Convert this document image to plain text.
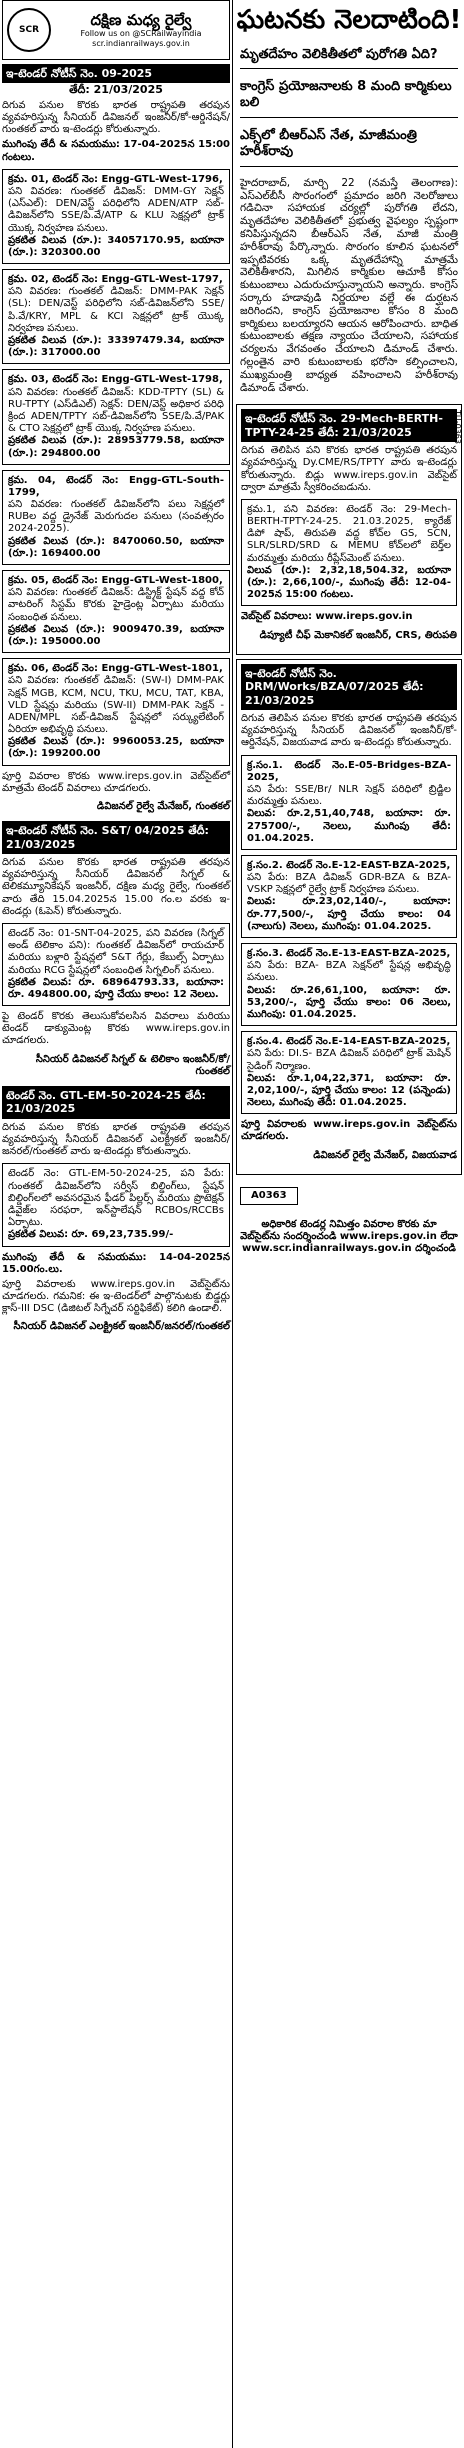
SCR
దక్షిణ మధ్య రైల్వే
Follow us on @SCRailwayindia
scr.indianrailways.gov.in
ఇ-టెండర్ నోటీస్ నెం. 09-2025
తేదీ: 21/03/2025

దిగువ పనుల కొరకు భారత రాష్ట్రపతి తరపున వ్యవహరిస్తున్న సీనియర్ డివిజనల్ ఇంజనీర్/కో-ఆర్డినేషన్/గుంతకల్ వారు ఇ-టెండర్లు కోరుతున్నారు.

ముగింపు తేదీ & సమయము: 17-04-2025న 15:00 గంటలు.

క్రమ. 01, టెండర్ నెం: Engg-GTL-West-1796,

పని వివరణ: గుంతకల్ డివిజన్: DMM-GY సెక్షన్ (ఎస్ఎల్): DEN/వెస్ట్ పరిధిలోని ADEN/ATP సబ్-డివిజన్‌లోని SSE/పి.వే/ATP & KLU సెక్షన్లలో ట్రాక్ యొక్క నిర్వహణ పనులు.

ప్రకటిత విలువ (రూ.): 34057170.95, బయానా (రూ.): 320300.00

క్రమ. 02, టెండర్ నెం: Engg-GTL-West-1797,

పని వివరణ: గుంతకల్ డివిజన్: DMM-PAK సెక్షన్ (SL): DEN/వెస్ట్ పరిధిలోని సబ్-డివిజన్‌లోని SSE/పి.వే/KRY, MPL & KCI సెక్షన్లలో ట్రాక్ యొక్క నిర్వహణ పనులు.

ప్రకటిత విలువ (రూ.): 33397479.34, బయానా (రూ.): 317000.00

క్రమ. 03, టెండర్ నెం: Engg-GTL-West-1798,

పని వివరణ: గుంతకల్ డివిజన్: KDD-TPTY (SL) & RU-TPTY (ఎస్‌డిఎల్) సెక్షన్: DEN/వెస్ట్ అధికార పరిధి క్రింద ADEN/TPTY సబ్-డివిజన్‌లోని SSE/పి.వే/PAK & CTO సెక్షన్లలో ట్రాక్ యొక్క నిర్వహణ పనులు.

ప్రకటిత విలువ (రూ.): 28953779.58, బయానా (రూ.): 294800.00

క్రమ. 04, టెండర్ నెం: Engg-GTL-South-1799,

పని వివరణ: గుంతకల్ డివిజన్‌లోని పలు సెక్షన్లలో RUBల వద్ద డ్రైనేజ్ మెరుగుదల పనులు (సంవత్సరం 2024-2025).

ప్రకటిత విలువ (రూ.): 8470060.50, బయానా (రూ.): 169400.00

క్రమ. 05, టెండర్ నెం: Engg-GTL-West-1800,

పని వివరణ: గుంతకల్ డివిజన్: డిస్ట్రిక్ట్ స్టేషన్ వద్ద కోచ్ వాటరింగ్ సిస్టమ్ కొరకు హైడ్రెంట్ల ఏర్పాటు మరియు సంబంధిత పనులు.

ప్రకటిత విలువ (రూ.): 9009470.39, బయానా (రూ.): 195000.00

క్రమ. 06, టెండర్ నెం: Engg-GTL-West-1801,

పని వివరణ: గుంతకల్ డివిజన్: (SW-I) DMM-PAK సెక్షన్ MGB, KCM, NCU, TKU, MCU, TAT, KBA, VLD స్టేషన్లు మరియు (SW-II) DMM-PAK సెక్షన్ - ADEN/MPL సబ్-డివిజన్ స్టేషన్లలో సర్క్యులేటింగ్ ఏరియా అభివృద్ధి పనులు.

ప్రకటిత విలువ (రూ.): 9960053.25, బయానా (రూ.): 199200.00

పూర్తి వివరాల కొరకు www.ireps.gov.in వెబ్‌సైట్‌లో మాత్రమే టెండర్ వివరాలు చూడగలరు.

డివిజనల్ రైల్వే మేనేజర్, గుంతకల్
ఇ-టెండర్ నోటీస్ నెం. S&T/ 04/2025 తేదీ: 21/03/2025

దిగువ పనుల కొరకు భారత రాష్ట్రపతి తరపున వ్యవహరిస్తున్న సీనియర్ డివిజనల్ సిగ్నల్ & టెలికమ్యూనికేషన్ ఇంజనీర్, దక్షిణ మధ్య రైల్వే, గుంతకల్ వారు తేది 15.04.2025న 15.00 గం.ల వరకు ఇ-టెండర్లు (ఓపెన్) కోరుతున్నారు.

టెండర్ నెం: 01-SNT-04-2025, పని వివరణ (సిగ్నల్ అండ్ టెలికాం పని): గుంతకల్ డివిజన్‌లో రాయచూర్ మరియు బళ్లారి స్టేషన్లలో S&T గేర్లు, కేబుల్స్ ఏర్పాటు మరియు RCG స్టేషన్లలో సంబంధిత సిగ్నలింగ్ పనులు.

ప్రకటిత విలువ: రూ. 68964793.33, బయానా: రూ. 494800.00, పూర్తి చేయు కాలం: 12 నెలలు.

పై టెండర్ కొరకు తెలుసుకోవలసిన వివరాలు మరియు టెండర్ డాక్యుమెంట్ల కొరకు www.ireps.gov.in చూడగలరు.

సీనియర్ డివిజనల్ సిగ్నల్ & టెలికాం ఇంజనీర్/కో/గుంతకల్
టెండర్ నెం. GTL-EM-50-2024-25 తేదీ: 21/03/2025

దిగువ పనుల కొరకు భారత రాష్ట్రపతి తరపున వ్యవహరిస్తున్న సీనియర్ డివిజనల్ ఎలక్ట్రికల్ ఇంజనీర్/జనరల్/గుంతకల్ వారు ఇ-టెండర్లు కోరుతున్నారు.

టెండర్ నెం: GTL-EM-50-2024-25, పని పేరు: గుంతకల్ డివిజన్‌లోని సర్వీస్ బిల్డింగ్‌లు, స్టేషన్ బిల్డింగ్‌లలో అవసరమైన ఫీడర్ పిల్లర్స్ మరియు ప్రొటెక్షన్ డివైజ్‌ల సరఫరా, ఇన్‌స్టాలేషన్ RCBOs/RCCBs ఏర్పాటు.

ప్రకటిత విలువ: రూ. 69,23,735.99/-

ముగింపు తేదీ & సమయము: 14-04-2025న 15.00గం.లు.

పూర్తి వివరాలకు www.ireps.gov.in వెబ్‌సైట్‌ను చూడగలరు. గమనిక: ఈ ఇ-టెండర్‌లో పాల్గొనుటకు బిడ్డర్లు క్లాస్-III DSC (డిజిటల్ సిగ్నేచర్ సర్టిఫికేట్) కలిగి ఉండాలి.

సీనియర్ డివిజనల్ ఎలక్ట్రికల్ ఇంజనీర్/జనరల్/గుంతకల్
ఘటనకు నెలదాటింది!
మృతదేహం వెలికితీతలో పురోగతి ఏది?
కాంగ్రెస్ ప్రయోజనాలకు 8 మంది కార్మికులు బలి
ఎక్స్‌లో బీఆర్ఎస్ నేత, మాజీమంత్రి హరీశ్‌రావు
హైదరాబాద్, మార్చి 22 (నమస్తే తెలంగాణ): ఎస్ఎల్‌బీసీ సొరంగంలో ప్రమాదం జరిగి నెలరోజులు గడిచినా సహాయక చర్యల్లో పురోగతి లేదని, మృతదేహాల వెలికితీతలో ప్రభుత్వ వైఫల్యం స్పష్టంగా కనిపిస్తున్నదని బీఆర్ఎస్ నేత, మాజీ మంత్రి హరీశ్‌రావు పేర్కొన్నారు. సొరంగం కూలిన ఘటనలో ఇప్పటివరకు ఒక్క మృతదేహాన్ని మాత్రమే వెలికితీశారని, మిగిలిన కార్మికుల ఆచూకీ కోసం కుటుంబాలు ఎదురుచూస్తున్నాయని అన్నారు. కాంగ్రెస్ సర్కారు హడావుడి నిర్ణయాల వల్లే ఈ దుర్ఘటన జరిగిందని, కాంగ్రెస్ ప్రయోజనాల కోసం 8 మంది కార్మికులు బలయ్యారని ఆయన ఆరోపించారు. బాధిత కుటుంబాలకు తక్షణ న్యాయం చేయాలని, సహాయక చర్యలను వేగవంతం చేయాలని డిమాండ్ చేశారు. గల్లంతైన వారి కుటుంబాలకు భరోసా కల్పించాలని, ముఖ్యమంత్రి బాధ్యత వహించాలని హరీశ్‌రావు డిమాండ్ చేశారు.
ఇ-టెండర్ నోటీస్ నెం. 29-Mech-BERTH-TPTY-24-25 తేదీ: 21/03/2025

దిగువ తెలిపిన పని కొరకు భారత రాష్ట్రపతి తరపున వ్యవహరిస్తున్న Dy.CME/RS/TPTY వారు ఇ-టెండర్లు కోరుతున్నారు. బిడ్లు www.ireps.gov.in వెబ్‌సైట్ ద్వారా మాత్రమే స్వీకరించబడును.

క్రమ.1, పని వివరణ: టెండర్ నెం: 29-Mech-BERTH-TPTY-24-25. 21.03.2025, క్యారేజ్ డిపో షాప్, తిరుపతి వద్ద కోచ్‌ల GS, SCN, SLR/SLRD/SRD & MEMU కోచ్‌లలో బెర్త్‌ల మరమ్మత్తు మరియు రీప్లేస్‌మెంట్ పనులు.

విలువ (రూ.): 2,32,18,504.32, బయానా (రూ.): 2,66,100/-, ముగింపు తేదీ: 12-04-2025న 15:00 గంటలు.

వెబ్‌సైట్ వివరాలు: www.ireps.gov.in

డిప్యూటీ చీఫ్ మెకానికల్ ఇంజనీర్, CRS, తిరుపతి
ఇ-టెండర్ నోటీస్ నెం. DRM/Works/BZA/07/2025 తేదీ: 21/03/2025

దిగువ తెలిపిన పనుల కొరకు భారత రాష్ట్రపతి తరపున వ్యవహరిస్తున్న సీనియర్ డివిజనల్ ఇంజనీర్/కో-ఆర్డినేషన్, విజయవాడ వారు ఇ-టెండర్లు కోరుతున్నారు.

క్ర.సం.1. టెండర్ నెం.E-05-Bridges-BZA-2025,

పని పేరు: SSE/Br/ NLR సెక్షన్ పరిధిలో బ్రిడ్జిల మరమ్మత్తు పనులు.

విలువ: రూ.2,51,40,748, బయానా: రూ. 275700/-, నెలలు, ముగింపు తేదీ: 01.04.2025.

క్ర.సం.2. టెండర్ నెం.E-12-EAST-BZA-2025,

పని పేరు: BZA డివిజన్ GDR-BZA & BZA-VSKP సెక్షన్లలో రైల్వే ట్రాక్ నిర్వహణ పనులు.

విలువ: రూ.23,02,140/-, బయానా: రూ.77,500/-, పూర్తి చేయు కాలం: 04 (నాలుగు) నెలలు, ముగింపు: 01.04.2025.

క్ర.సం.3. టెండర్ నెం.E-13-EAST-BZA-2025,

పని పేరు: BZA- BZA సెక్షన్‌లో స్టేషన్ల అభివృద్ధి పనులు.

విలువ: రూ.26,61,100, బయానా: రూ. 53,200/-, పూర్తి చేయు కాలం: 06 నెలలు, ముగింపు: 01.04.2025.

క్ర.సం.4. టెండర్ నెం.E-14-EAST-BZA-2025,

పని పేరు: DI.S- BZA డివిజన్ పరిధిలో ట్రాక్ మెషిన్ సైడింగ్ నిర్మాణం.

విలువ: రూ.1,04,22,371, బయానా: రూ. 2,02,100/-, పూర్తి చేయు కాలం: 12 (పన్నెండు) నెలలు, ముగింపు తేదీ: 01.04.2025.

పూర్తి వివరాలకు www.ireps.gov.in వెబ్‌సైట్‌ను చూడగలరు.

డివిజనల్ రైల్వే మేనేజర్, విజయవాడ
A0363
అధికారిక టెండర్ల నిమిత్తం వివరాల కొరకు మా వెబ్‌సైట్‌ను సందర్శించండి www.ireps.gov.in లేదా www.scr.indianrailways.gov.in దర్శించండి
TU-0363
